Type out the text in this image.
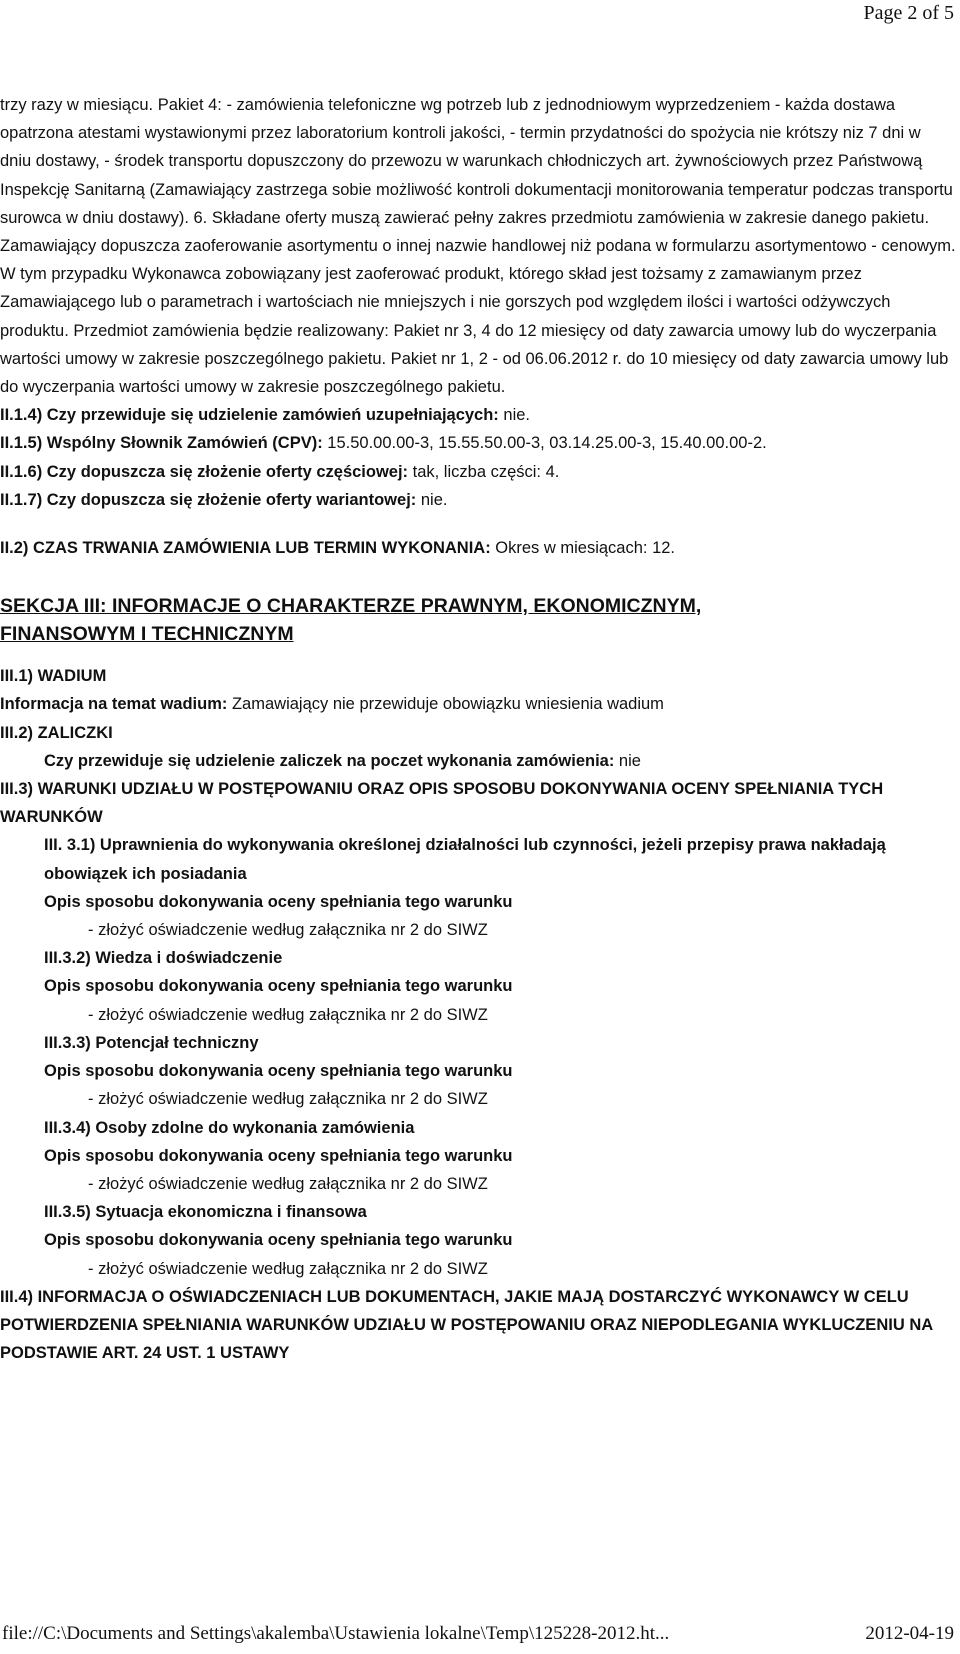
Page 2 of 5

trzy razy w miesiącu. Pakiet 4: - zamówienia telefoniczne wg potrzeb lub z jednodniowym wyprzedzeniem - każda dostawa opatrzona atestami wystawionymi przez laboratorium kontroli jakości, - termin przydatności do spożycia nie krótszy niz 7 dni w dniu dostawy, - środek transportu dopuszczony do przewozu w warunkach chłodniczych art. żywnościowych przez Państwową Inspekcję Sanitarną (Zamawiający zastrzega sobie możliwość kontroli dokumentacji monitorowania temperatur podczas transportu surowca w dniu dostawy). 6. Składane oferty muszą zawierać pełny zakres przedmiotu zamówienia w zakresie danego pakietu. Zamawiający dopuszcza zaoferowanie asortymentu o innej nazwie handlowej niż podana w formularzu asortymentowo - cenowym. W tym przypadku Wykonawca zobowiązany jest zaoferować produkt, którego skład jest tożsamy z zamawianym przez Zamawiającego lub o parametrach i wartościach nie mniejszych i nie gorszych pod względem ilości i wartości odżywczych produktu. Przedmiot zamówienia będzie realizowany: Pakiet nr 3, 4 do 12 miesięcy od daty zawarcia umowy lub do wyczerpania wartości umowy w zakresie poszczególnego pakietu. Pakiet nr 1, 2 - od 06.06.2012 r. do 10 miesięcy od daty zawarcia umowy lub do wyczerpania wartości umowy w zakresie poszczególnego pakietu.

II.1.4) Czy przewiduje się udzielenie zamówień uzupełniających: nie.

II.1.5) Wspólny Słownik Zamówień (CPV): 15.50.00.00-3, 15.55.50.00-3, 03.14.25.00-3, 15.40.00.00-2.

II.1.6) Czy dopuszcza się złożenie oferty częściowej: tak, liczba części: 4.

II.1.7) Czy dopuszcza się złożenie oferty wariantowej: nie.

II.2) CZAS TRWANIA ZAMÓWIENIA LUB TERMIN WYKONANIA: Okres w miesiącach: 12.

SEKCJA III: INFORMACJE O CHARAKTERZE PRAWNYM, EKONOMICZNYM,
FINANSOWYM I TECHNICZNYM

III.1) WADIUM

Informacja na temat wadium: Zamawiający nie przewiduje obowiązku wniesienia wadium

III.2) ZALICZKI

Czy przewiduje się udzielenie zaliczek na poczet wykonania zamówienia: nie

III.3) WARUNKI UDZIAŁU W POSTĘPOWANIU ORAZ OPIS SPOSOBU DOKONYWANIA OCENY SPEŁNIANIA TYCH WARUNKÓW

III. 3.1) Uprawnienia do wykonywania określonej działalności lub czynności, jeżeli przepisy prawa nakładają obowiązek ich posiadania

Opis sposobu dokonywania oceny spełniania tego warunku

- złożyć oświadczenie według załącznika nr 2 do SIWZ

III.3.2) Wiedza i doświadczenie

Opis sposobu dokonywania oceny spełniania tego warunku

- złożyć oświadczenie według załącznika nr 2 do SIWZ

III.3.3) Potencjał techniczny

Opis sposobu dokonywania oceny spełniania tego warunku

- złożyć oświadczenie według załącznika nr 2 do SIWZ

III.3.4) Osoby zdolne do wykonania zamówienia

Opis sposobu dokonywania oceny spełniania tego warunku

- złożyć oświadczenie według załącznika nr 2 do SIWZ

III.3.5) Sytuacja ekonomiczna i finansowa

Opis sposobu dokonywania oceny spełniania tego warunku

- złożyć oświadczenie według załącznika nr 2 do SIWZ

III.4) INFORMACJA O OŚWIADCZENIACH LUB DOKUMENTACH, JAKIE MAJĄ DOSTARCZYĆ WYKONAWCY W CELU POTWIERDZENIA SPEŁNIANIA WARUNKÓW UDZIAŁU W POSTĘPOWANIU ORAZ NIEPODLEGANIA WYKLUCZENIU NA PODSTAWIE ART. 24 UST. 1 USTAWY

file://C:\Documents and Settings\akalemba\Ustawienia lokalne\Temp\125228-2012.ht...	2012-04-19
